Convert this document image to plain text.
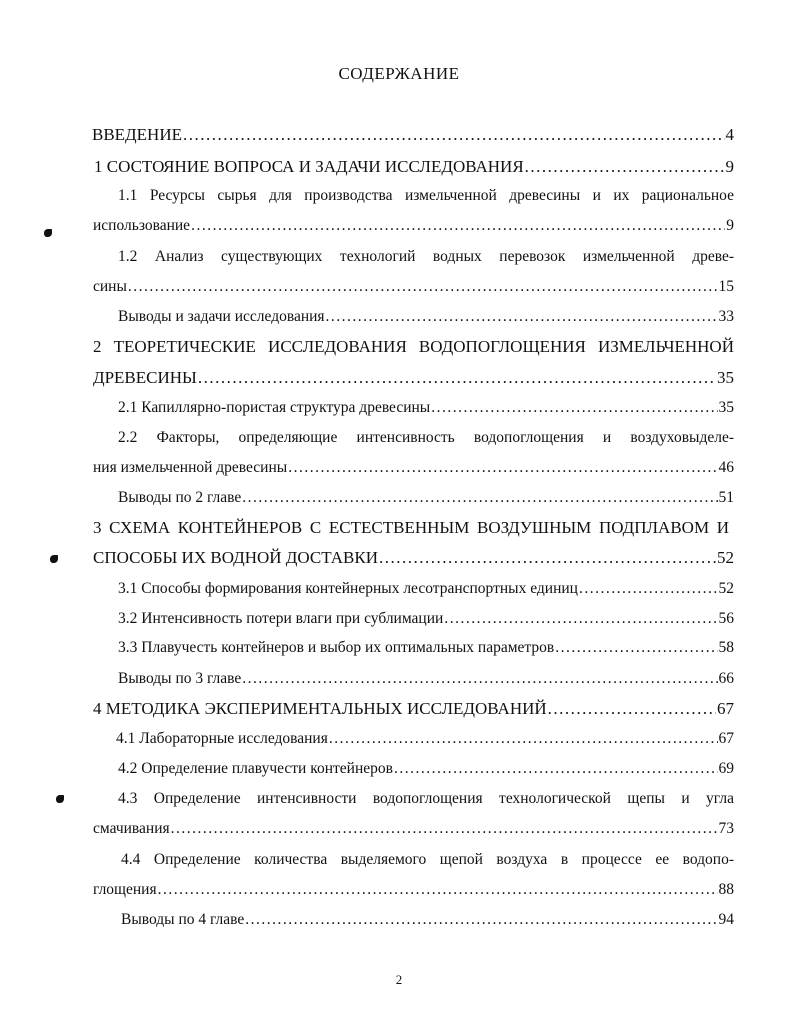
СОДЕРЖАНИЕ
ВВЕДЕНИЕ .....	4
1 СОСТОЯНИЕ ВОПРОСА И ЗАДАЧИ ИССЛЕДОВАНИЯ .....	9
1.1 Ресурсы сырья для производства измельченной древесины и их рациональное
использование .....	9
1.2 Анализ существующих технологий водных перевозок измельченной древе-
сины .....	15
Выводы и задачи исследования .....	33
2 ТЕОРЕТИЧЕСКИЕ ИССЛЕДОВАНИЯ ВОДОПОГЛОЩЕНИЯ ИЗМЕЛЬЧЕННОЙ
ДРЕВЕСИНЫ .....	35
2.1 Капиллярно-пористая структура древесины .....	35
2.2 Факторы, определяющие интенсивность водопоглощения и воздуховыделе-
ния измельченной древесины .....	46
Выводы по 2 главе .....	51
3 СХЕМА КОНТЕЙНЕРОВ С ЕСТЕСТВЕННЫМ ВОЗДУШНЫМ ПОДПЛАВОМ И
СПОСОБЫ ИХ ВОДНОЙ ДОСТАВКИ .....	52
3.1 Способы формирования контейнерных лесотранспортных единиц .....	52
3.2 Интенсивность потери влаги при сублимации .....	56
3.3 Плавучесть контейнеров и выбор их оптимальных параметров .....	58
Выводы по 3 главе .....	66
4 МЕТОДИКА ЭКСПЕРИМЕНТАЛЬНЫХ ИССЛЕДОВАНИЙ .....	67
4.1 Лабораторные исследования .....	67
4.2 Определение плавучести контейнеров .....	69
4.3 Определение интенсивности водопоглощения технологической щепы и угла
смачивания .....	73
4.4 Определение количества выделяемого щепой воздуха в процессе ее водопо-
глощения .....	88
Выводы по 4 главе .....	94
2
